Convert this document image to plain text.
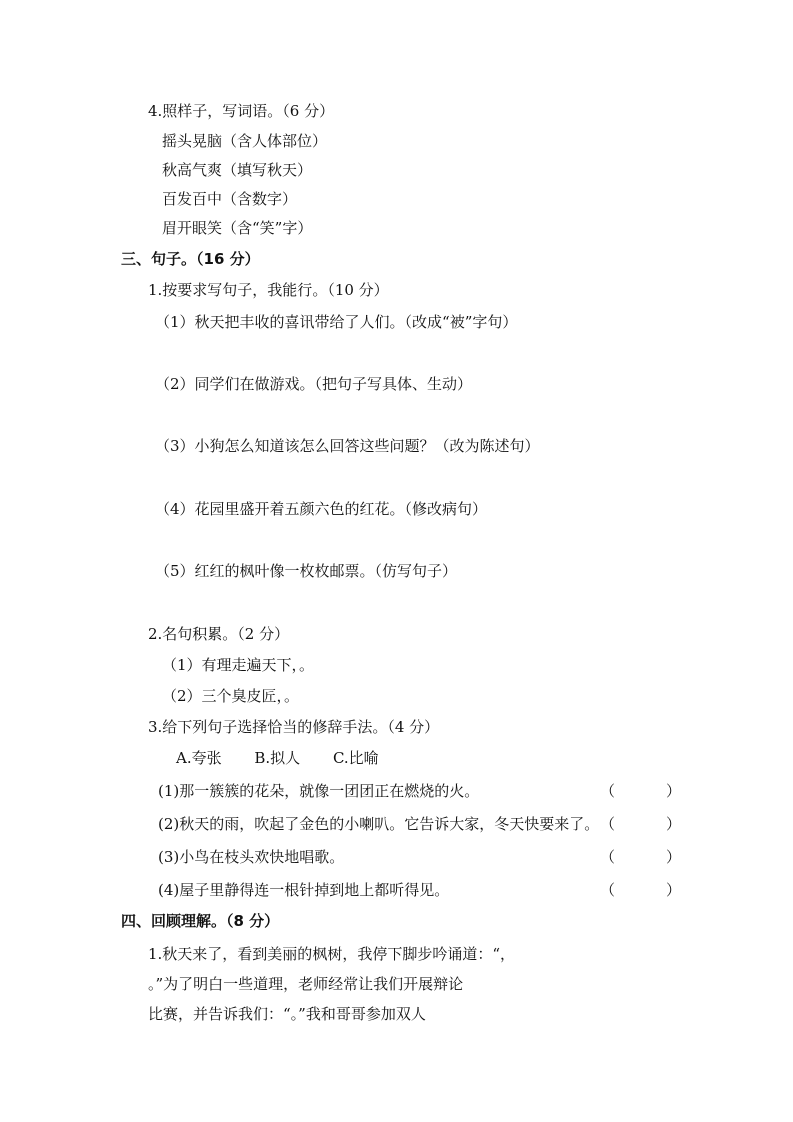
4.照样子，写词语。（6 分）
摇头晃脑（含人体部位）
秋高气爽（填写秋天）
百发百中（含数字）
眉开眼笑（含“笑”字）
三、句子。（16 分）
1.按要求写句子，我能行。（10 分）
（1）秋天把丰收的喜讯带给了人们。（改成“被”字句）
（2）同学们在做游戏。（把句子写具体、生动）
（3）小狗怎么知道该怎么回答这些问题？（改为陈述句）
（4）花园里盛开着五颜六色的红花。（修改病句）
（5）红红的枫叶像一枚枚邮票。（仿写句子）
2.名句积累。（2 分）
（1）有理走遍天下，。
（2）三个臭皮匠，。
3.给下列句子选择恰当的修辞手法。（4 分）
A.夸张 B.拟人 C.比喻
(1)那一簇簇的花朵，就像一团团正在燃烧的火。	（	）
(2)秋天的雨，吹起了金色的小喇叭。它告诉大家，冬天快要来了。 （	）
(3)小鸟在枝头欢快地唱歌。	（	）
(4)屋子里静得连一根针掉到地上都听得见。	（	）
四、回顾理解。（8 分）
1.秋天来了，看到美丽的枫树，我停下脚步吟诵道：“，
。”为了明白一些道理，老师经常让我们开展辩论
比赛，并告诉我们：“。”我和哥哥参加双人
